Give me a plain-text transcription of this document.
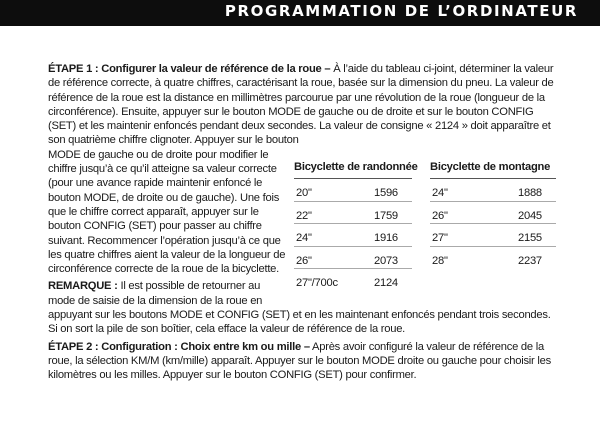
PROGRAMMATION DE L’ORDINATEUR

ÉTAPE 1 : Configurer la valeur de référence de la roue – À l’aide du tableau ci-joint, déterminer la valeur de référence correcte, à quatre chiffres, caractérisant la roue, basée sur la dimension du pneu. La valeur de référence de la roue est la distance en millimètres parcourue par une révolution de la roue (longueur de la circonférence). Ensuite, appuyer sur le bouton MODE de gauche ou de droite et sur le bouton CONFIG (SET) et les maintenir enfoncés pendant deux secondes. La valeur de consigne « 2124 » doit apparaître et son quatrième chiffre clignoter. Appuyer sur le bouton

Bicyclette de randonnée
20"	1596
22"	1759
24"	1916
26"	2073
27"/700c	2124
Bicyclette de montagne
24"	1888
26"	2045
27"	2155
28"	2237

MODE de gauche ou de droite pour modifier le chiffre jusqu’à ce qu’il atteigne sa valeur correcte (pour une avance rapide maintenir enfoncé le bouton MODE, de droite ou de gauche). Une fois que le chiffre correct apparaît, appuyer sur le bouton CONFIG (SET) pour passer au chiffre suivant. Recommencer l’opération jusqu’à ce que les quatre chiffres aient la valeur de la longueur de circonférence correcte de la roue de la bicyclette.

REMARQUE : Il est possible de retourner au mode de saisie de la dimension de la roue en appuyant sur les boutons MODE et CONFIG (SET) et en les maintenant enfoncés pendant trois secondes. Si on sort la pile de son boîtier, cela efface la valeur de référence de la roue.

ÉTAPE 2 : Configuration : Choix entre km ou mille – Après avoir configuré la valeur de référence de la roue, la sélection KM/M (km/mille) apparaît. Appuyer sur le bouton MODE droite ou gauche pour choisir les kilomètres ou les milles. Appuyer sur le bouton CONFIG (SET) pour confirmer.
